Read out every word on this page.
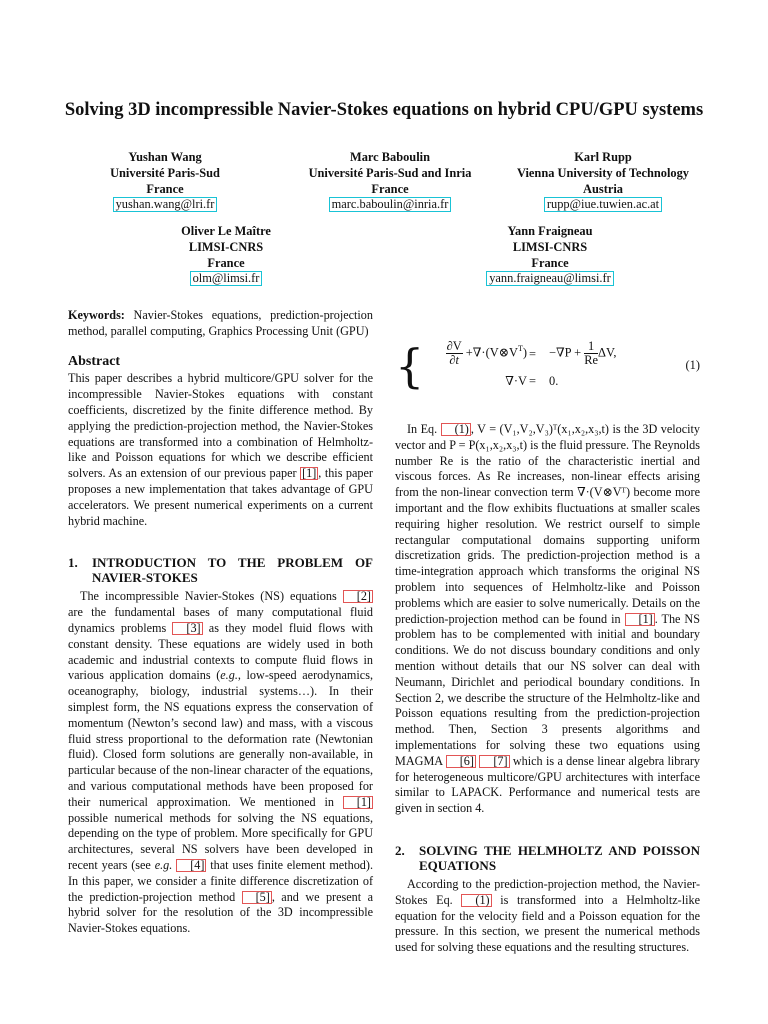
Solving 3D incompressible Navier-Stokes equations on hybrid CPU/GPU systems
Yushan Wang
Université Paris-Sud
France
yushan.wang@lri.fr
Marc Baboulin
Université Paris-Sud and Inria
France
marc.baboulin@inria.fr
Karl Rupp
Vienna University of Technology
Austria
rupp@iue.tuwien.ac.at
Oliver Le Maître
LIMSI-CNRS
France
olm@limsi.fr
Yann Fraigneau
LIMSI-CNRS
France
yann.fraigneau@limsi.fr

Keywords: Navier-Stokes equations, prediction-projection method, parallel computing, Graphics Processing Unit (GPU)

Abstract

This paper describes a hybrid multicore/GPU solver for the incompressible Navier-Stokes equations with constant coefficients, discretized by the finite difference method. By applying the prediction-projection method, the Navier-Stokes equations are transformed into a combination of Helmholtz-like and Poisson equations for which we describe efficient solvers. As an extension of our previous paper [1] , this paper proposes a new implementation that takes advantage of GPU accelerators. We present numerical experiments on a current hybrid machine.

1.	INTRODUCTION TO THE PROBLEM OF NAVIER-STOKES

The incompressible Navier-Stokes (NS) equations [2] are the fundamental bases of many computational fluid dynamics problems [3] as they model fluid flows with constant density. These equations are widely used in both academic and industrial contexts to compute fluid flows in various application domains (e.g., low-speed aerodynamics, oceanography, biology, industrial systems…). In their simplest form, the NS equations express the conservation of momentum (Newton’s second law) and mass, with a viscous fluid stress proportional to the deformation rate (Newtonian fluid). Closed form solutions are generally non-available, in particular because of the non-linear character of the equations, and various computational methods have been proposed for their numerical approximation. We mentioned in [1] possible numerical methods for solving the NS equations, depending on the type of problem. More specifically for GPU architectures, several NS solvers have been developed in recent years (see e.g. [4] that uses finite element method). In this paper, we consider a finite difference discretization of the prediction-projection method [5] , and we present a hybrid solver for the resolution of the 3D incompressible Navier-Stokes equations.

{ $\frac{\partial V}{\partial t}$ $+\nabla\cdot(V\otimes V^T) = -\nabla P + \frac{1}{Re} \Delta V$,
∇·V = 0.
(1)

In Eq. (1) , V = (V₁,V₂,V₃)ᵀ(x₁,x₂,x₃,t) is the 3D velocity vector and P = P(x₁,x₂,x₃,t) is the fluid pressure. The Reynolds number Re is the ratio of the characteristic inertial and viscous forces. As Re increases, non-linear effects arising from the non-linear convection term ∇·(V⊗Vᵀ) become more important and the flow exhibits fluctuations at smaller scales requiring higher resolution. We restrict ourself to simple rectangular computational domains supporting uniform discretization grids. The prediction-projection method is a time-integration approach which transforms the original NS problem into sequences of Helmholtz-like and Poisson problems which are easier to solve numerically. Details on the prediction-projection method can be found in [1] . The NS problem has to be complemented with initial and boundary conditions. We do not discuss boundary conditions and only mention without details that our NS solver can deal with Neumann, Dirichlet and periodical boundary conditions. In Section 2, we describe the structure of the Helmholtz-like and Poisson equations resulting from the prediction-projection method. Then, Section 3 presents algorithms and implementations for solving these two equations using MAGMA [6] [7] which is a dense linear algebra library for heterogeneous multicore/GPU architectures with interface similar to LAPACK. Performance and numerical tests are given in section 4.

2.	SOLVING THE HELMHOLTZ AND POISSON EQUATIONS

According to the prediction-projection method, the Navier-Stokes Eq. (1) is transformed into a Helmholtz-like equation for the velocity field and a Poisson equation for the pressure. In this section, we present the numerical methods used for solving these equations and the resulting structures.
